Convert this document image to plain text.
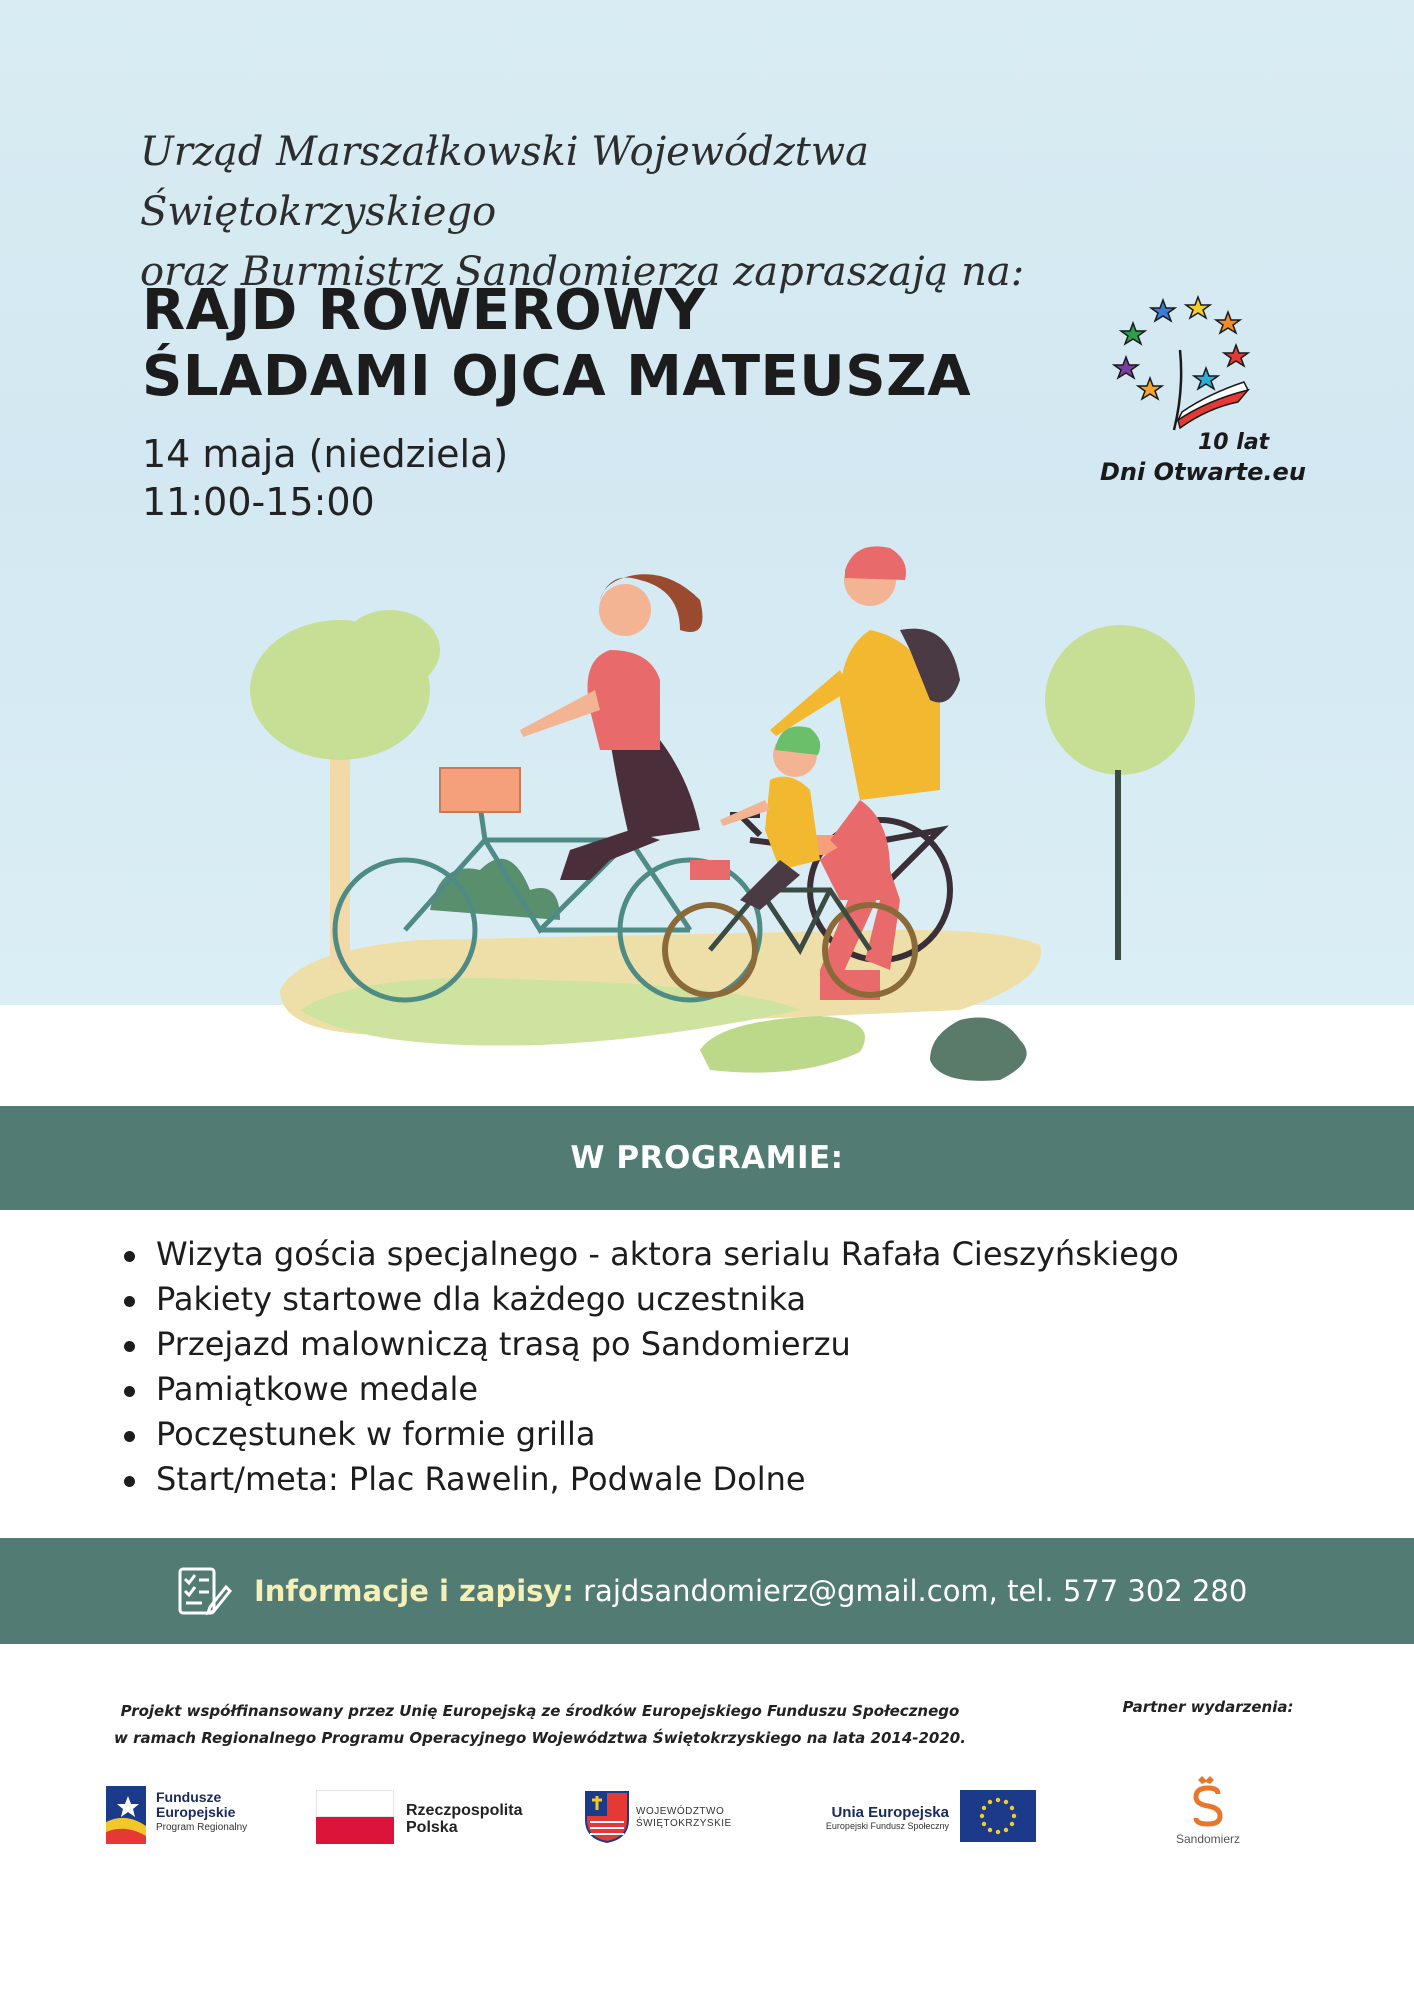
Urząd Marszałkowski Województwa Świętokrzyskiego
oraz Burmistrz Sandomierza zapraszają na:
RAJD ROWEROWY
ŚLADAMI OJCA MATEUSZA
14 maja (niedziela)
11:00-15:00
10 lat
Dni Otwarte.eu
W PROGRAMIE:
Wizyta gościa specjalnego - aktora serialu Rafała Cieszyńskiego
Pakiety startowe dla każdego uczestnika
Przejazd malowniczą trasą po Sandomierzu
Pamiątkowe medale
Poczęstunek w formie grilla
Start/meta: Plac Rawelin, Podwale Dolne
Informacje i zapisy: rajdsandomierz@gmail.com, tel. 577 302 280
Projekt współfinansowany przez Unię Europejską ze środków Europejskiego Funduszu Społecznego
w ramach Regionalnego Programu Operacyjnego Województwa Świętokrzyskiego na lata 2014-2020.
Partner wydarzenia:
Fundusze
Europejskie
Program Regionalny
Rzeczpospolita
Polska
WOJEWÓDZTWO
ŚWIĘTOKRZYSKIE
Unia Europejska
Europejski Fundusz Społeczny
Sandomierz
